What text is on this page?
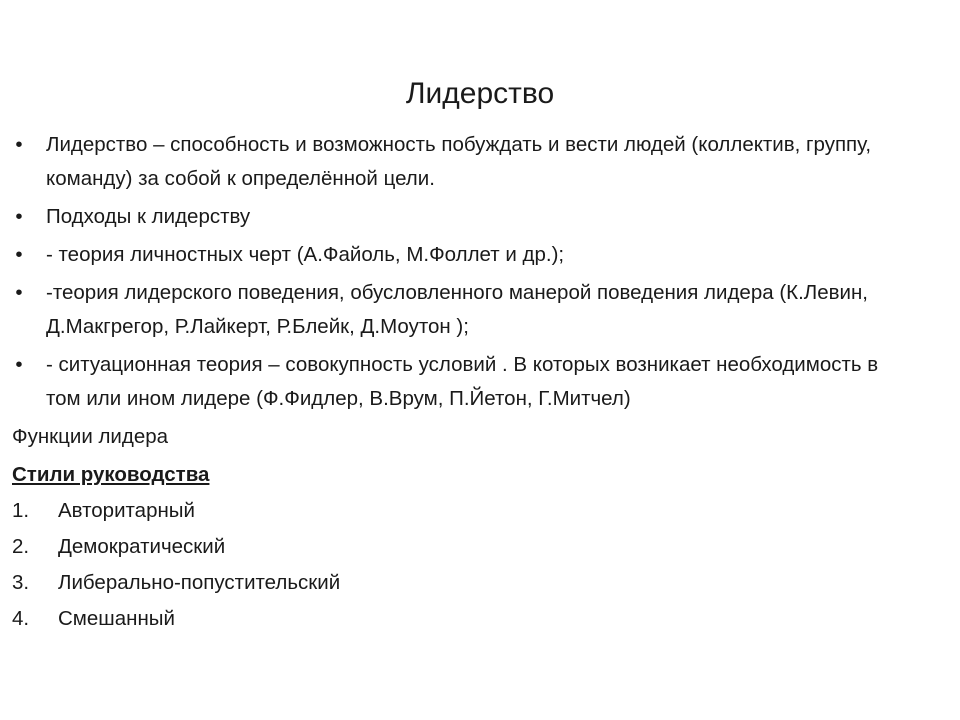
Лидерство
• Лидерство – способность и возможность побуждать и вести людей (коллектив, группу, команду) за собой к определённой цели.
• Подходы к лидерству
• - теория личностных черт (А.Файоль, М.Фоллет и др.);
• -теория лидерского поведения, обусловленного манерой поведения лидера (К.Левин, Д.Макгрегор, Р.Лайкерт, Р.Блейк, Д.Моутон );
• - ситуационная теория – совокупность условий . В которых возникает необходимость в том или ином лидере (Ф.Фидлер, В.Врум, П.Йетон, Г.Митчел)
Функции лидера
Стили руководства
1. Авторитарный
2. Демократический
3. Либерально-попустительский
4. Смешанный
